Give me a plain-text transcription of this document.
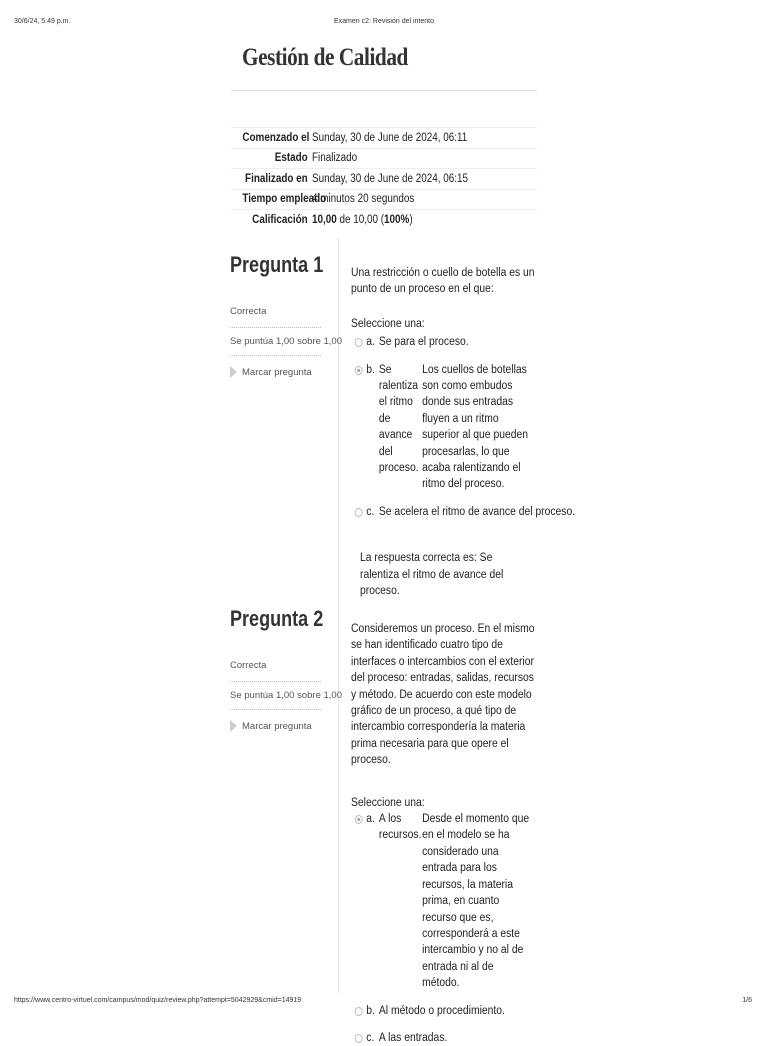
30/6/24, 5:49 p.m.	Examen c2: Revisión del intento
Gestión de Calidad
Comenzado el Sunday, 30 de June de 2024, 06:11
Estado Finalizado
Finalizado en Sunday, 30 de June de 2024, 06:15
Tiempo empleado
4 minutos 20 segundos
Calificación 10,00 de 10,00 (100%)
Pregunta 1
Correcta
Se puntúa 1,00 sobre 1,00
Marcar pregunta
Una restricción o cuello de botella es un punto de un proceso en el que:
Seleccione una:
a. Se para el proceso.
b. Se ralentiza el ritmo de avance del proceso.
Los cuellos de botellas son como embudos donde sus entradas fluyen a un ritmo superior al que pueden procesarlas, lo que acaba ralentizando el ritmo del proceso.
c. Se acelera el ritmo de avance del proceso.
La respuesta correcta es: Se ralentiza el ritmo de avance del proceso.
Pregunta 2
Correcta
Se puntúa 1,00 sobre 1,00
Marcar pregunta
Consideremos un proceso. En el mismo se han identificado cuatro tipo de interfaces o intercambios con el exterior del proceso: entradas, salidas, recursos y método. De acuerdo con este modelo gráfico de un proceso, a qué tipo de intercambio correspondería la materia prima necesaria para que opere el proceso.
Seleccione una:
a. A los recursos.
Desde el momento que en el modelo se ha considerado una entrada para los recursos, la materia prima, en cuanto recurso que es, corresponderá a este intercambio y no al de entrada ni al de método.
b. Al método o procedimiento.
c. A las entradas.
https://www.centro-virtuel.com/campus/mod/quiz/review.php?attempt=5042929&cmid=14919	1/6
